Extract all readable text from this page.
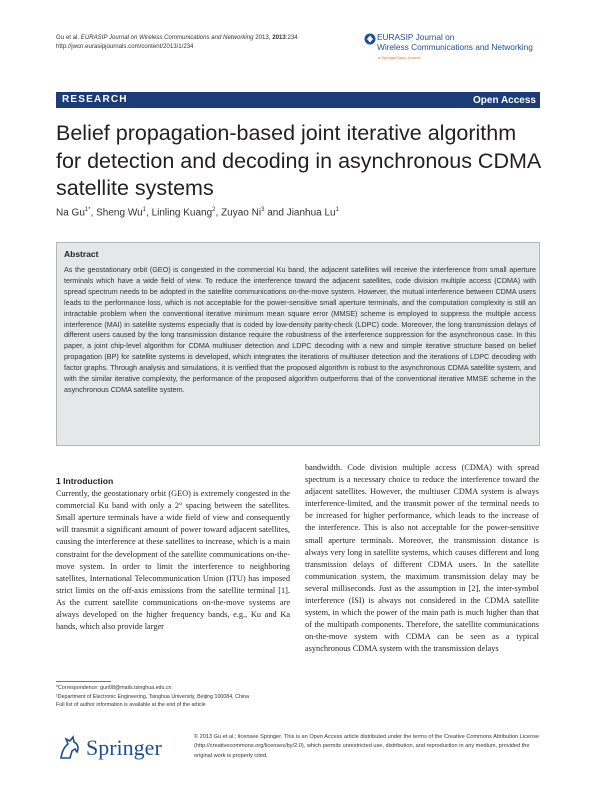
Gu et al. EURASIP Journal on Wireless Communications and Networking 2013, 2013:234
http://jwcn.eurasipjournals.com/content/2013/1/234
EURASIP Journal on
Wireless Communications and Networking
a SpringerOpen Journal
RESEARCH	Open Access
Belief propagation-based joint iterative algorithm for detection and decoding in asynchronous CDMA satellite systems
Na $Gu^{1*}$, Sheng Wu$^1$, Linling Kuang$^2$, Zuyao Ni$^3$ and Jianhua Lu$^1$
Abstract
As the geostationary orbit (GEO) is congested in the commercial Ku band, the adjacent satellites will receive the interference from small aperture terminals which have a wide field of view. To reduce the interference toward the adjacent satellites, code division multiple access (CDMA) with spread spectrum needs to be adopted in the satellite communications on-the-move system. However, the mutual interference between CDMA users leads to the performance loss, which is not acceptable for the power-sensitive small aperture terminals, and the computation complexity is still an intractable problem when the conventional iterative minimum mean square error (MMSE) scheme is employed to suppress the multiple access interference (MAI) in satellite systems especially that is coded by low-density parity-check (LDPC) code. Moreover, the long transmission delays of different users caused by the long transmission distance require the robustness of the interference suppression for the asynchronous case. In this paper, a joint chip-level algorithm for CDMA multiuser detection and LDPC decoding with a new and simple iterative structure based on belief propagation (BP) for satellite systems is developed, which integrates the iterations of multiuser detection and the iterations of LDPC decoding with factor graphs. Through analysis and simulations, it is verified that the proposed algorithm is robust to the asynchronous CDMA satellite system, and with the similar iterative complexity, the performance of the proposed algorithm outperforms that of the conventional iterative MMSE scheme in the asynchronous CDMA satellite system.
1 Introduction

Currently, the geostationary orbit (GEO) is extremely congested in the commercial Ku band with only a 2° spacing between the satellites. Small aperture terminals have a wide field of view and consequently will transmit a significant amount of power toward adjacent satellites, causing the interference at these satellites to increase, which is a main constraint for the development of the satellite communications on-the-move system. In order to limit the interference to neighboring satellites, International Telecommunication Union (ITU) has imposed strict limits on the off-axis emissions from the satellite terminal [1]. As the current satellite communications on-the-move systems are always developed on the higher frequency bands, e.g., Ku and Ka bands, which also provide larger

bandwidth. Code division multiple access (CDMA) with spread spectrum is a necessary choice to reduce the interference toward the adjacent satellites. However, the multiuser CDMA system is always interference-limited, and the transmit power of the terminal needs to be increased for higher performance, which leads to the increase of the interference. This is also not acceptable for the power-sensitive small aperture terminals. Moreover, the transmission distance is always very long in satellite systems, which causes different and long transmission delays of different CDMA users. In the satellite communication system, the maximum transmission delay may be several milliseconds. Just as the assumption in [2], the inter-symbol interference (ISI) is always not considered in the CDMA satellite system, in which the power of the main path is much higher than that of the multipath components. Therefore, the satellite communications on-the-move system with CDMA can be seen as a typical asynchronous CDMA system with the transmission delays

*Correspondence: gun08@mails.tsinghua.edu.cn
¹Department of Electronic Engineering, Tsinghua University, Beijing 100084, China
Full list of author information is available at the end of the article
Springer	© 2013 Gu et al.; licensee Springer. This is an Open Access article distributed under the terms of the Creative Commons Attribution License (http://creativecommons.org/licenses/by/2.0), which permits unrestricted use, distribution, and reproduction in any medium, provided the original work is properly cited.
